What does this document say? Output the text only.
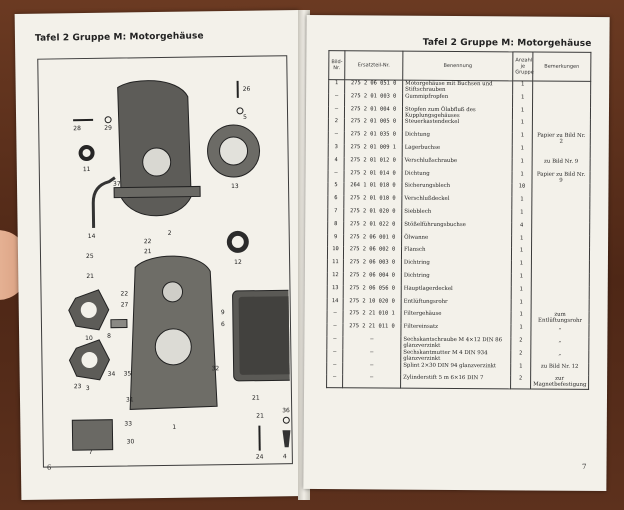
Tafel 2 Gruppe M: Motorgehäuse
26
5
28	29
11
37
2
13
14
22
21
12
25
21
22
27
10 8
9
6
3
34 35
32
23
1
31
33
30
7
21
36
24	4
21
6
Tafel 2 Gruppe M: Motorgehäuse
Bild-Nr.	Ersatzteil-Nr.	Benennung	Anzahl je Gruppe	Bemerkungen
1	275 2 06 051 0	Motorgehäuse mit Buchsen und Stiftschrauben	1	
—	275 2 01 003 0	Gummipfropfen	1	
—	275 2 01 004 0	Stopfen zum Ölabfluß des Kupplungsgehäuses	1	
2	275 2 01 005 0	Steuerkastendeckel	1	
—	275 2 01 035 0	Dichtung	1	Papier zu Bild Nr. 2
3	275 2 01 009 1	Lagerbuchse	1	
4	275 2 01 012 0	Verschlußschraube	1	zu Bild Nr. 9
—	275 2 01 014 0	Dichtung	1	Papier zu Bild Nr. 9
5	264 1 01 018 0	Sicherungsblech	10	
6	275 2 01 018 0	Verschlußdeckel	1	
7	275 2 01 020 0	Siebblech	1	
8	275 2 01 022 0	Stößelführungsbuchse	4	
9	275 2 06 001 0	Ölwanne	1	
10	275 2 06 002 0	Flansch	1	
11	275 2 06 003 0	Dichtring	1	
12	275 2 06 004 0	Dichtring	1	
13	275 2 06 056 0	Hauptlagerdeckel	1	
14	275 2 10 020 0	Entlüftungsrohr	1	
—	275 2 21 010 1	Filtergehäuse	1	zum Entlüftungsrohr
—	275 2 21 011 0	Filtereinsatz	1	„
—	—	Sechskantschraube M 4×12 DIN 86 glanzverzinkt	2	„
—	—	Sechskantmutter M 4 DIN 934 glanzverzinkt	2	„
—	—	Splint 2×30 DIN 94 glanzverzinkt	1	zu Bild Nr. 12
—	—	Zylinderstift 5 m 6×16 DIN 7	2	zur Magnetbefestigung
7
